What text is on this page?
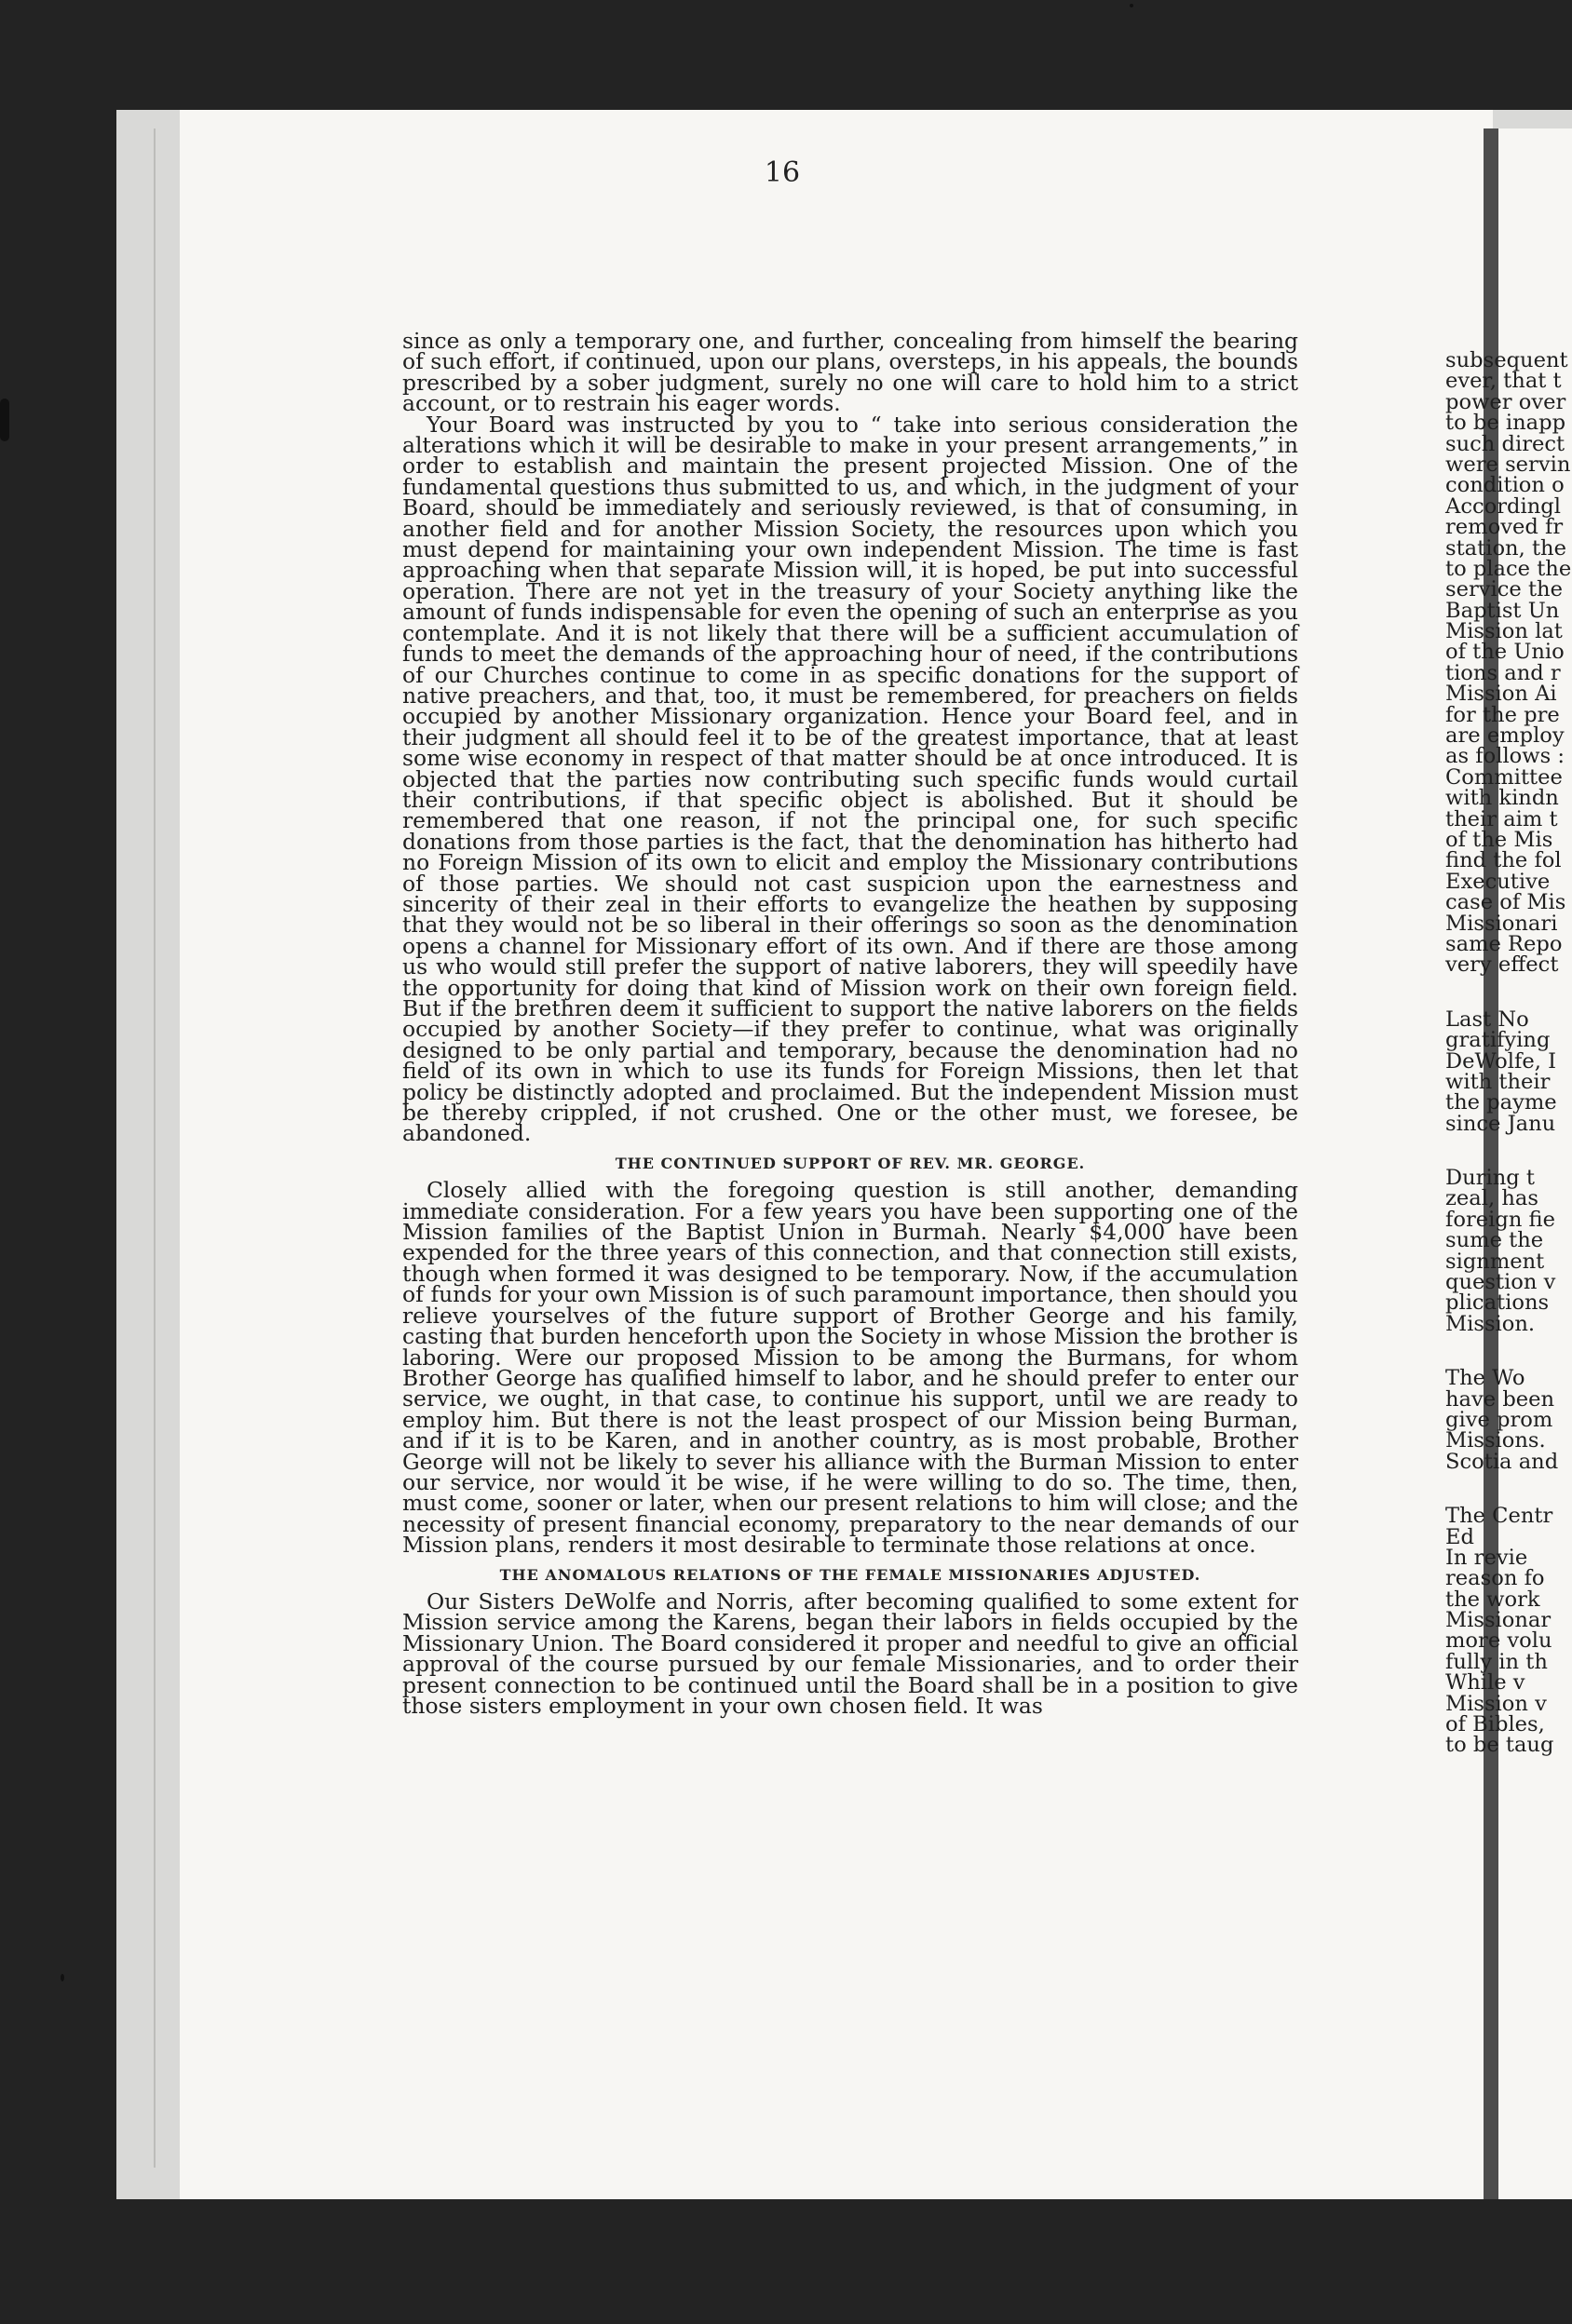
16

since as only a temporary one, and further, concealing from himself the bearing of such effort, if continued, upon our plans, oversteps, in his appeals, the bounds prescribed by a sober judgment, surely no one will care to hold him to a strict account, or to restrain his eager words.

Your Board was instructed by you to “ take into serious consideration the alterations which it will be desirable to make in your present arrangements,” in order to establish and maintain the present projected Mission. One of the fundamental questions thus submitted to us, and which, in the judgment of your Board, should be immediately and seriously reviewed, is that of consuming, in another field and for another Mission Society, the resources upon which you must depend for maintaining your own independent Mission. The time is fast approaching when that separate Mission will, it is hoped, be put into successful operation. There are not yet in the treasury of your Society anything like the amount of funds indispensable for even the opening of such an enterprise as you contemplate. And it is not likely that there will be a sufficient accumulation of funds to meet the demands of the approaching hour of need, if the contributions of our Churches continue to come in as specific donations for the support of native preachers, and that, too, it must be remembered, for preachers on fields occupied by another Missionary organization. Hence your Board feel, and in their judgment all should feel it to be of the greatest importance, that at least some wise economy in respect of that matter should be at once introduced. It is objected that the parties now contributing such specific funds would curtail their contributions, if that specific object is abolished. But it should be remembered that one reason, if not the principal one, for such specific donations from those parties is the fact, that the denomination has hitherto had no Foreign Mission of its own to elicit and employ the Missionary contributions of those parties. We should not cast suspicion upon the earnestness and sincerity of their zeal in their efforts to evangelize the heathen by supposing that they would not be so liberal in their offerings so soon as the denomination opens a channel for Missionary effort of its own. And if there are those among us who would still prefer the support of native laborers, they will speedily have the opportunity for doing that kind of Mission work on their own foreign field. But if the brethren deem it sufficient to support the native laborers on the fields occupied by another Society—if they prefer to continue, what was originally designed to be only partial and temporary, because the denomination had no field of its own in which to use its funds for Foreign Missions, then let that policy be distinctly adopted and proclaimed. But the independent Mission must be thereby crippled, if not crushed. One or the other must, we foresee, be abandoned.

THE CONTINUED SUPPORT OF REV. MR. GEORGE.

Closely allied with the foregoing question is still another, demanding immediate consideration. For a few years you have been supporting one of the Mission families of the Baptist Union in Burmah. Nearly $4,000 have been expended for the three years of this connection, and that connection still exists, though when formed it was designed to be temporary. Now, if the accumulation of funds for your own Mission is of such paramount importance, then should you relieve yourselves of the future support of Brother George and his family, casting that burden henceforth upon the Society in whose Mission the brother is laboring. Were our proposed Mission to be among the Burmans, for whom Brother George has qualified himself to labor, and he should prefer to enter our service, we ought, in that case, to continue his support, until we are ready to employ him. But there is not the least prospect of our Mission being Burman, and if it is to be Karen, and in another country, as is most probable, Brother George will not be likely to sever his alliance with the Burman Mission to enter our service, nor would it be wise, if he were willing to do so. The time, then, must come, sooner or later, when our present relations to him will close; and the necessity of present financial economy, preparatory to the near demands of our Mission plans, renders it most desirable to terminate those relations at once.

THE ANOMALOUS RELATIONS OF THE FEMALE MISSIONARIES ADJUSTED.

Our Sisters DeWolfe and Norris, after becoming qualified to some extent for Mission service among the Karens, began their labors in fields occupied by the Missionary Union. The Board considered it proper and needful to give an official approval of the course pursued by our female Missionaries, and to order their present connection to be continued until the Board shall be in a position to give those sisters employment in your own chosen field. It was

subsequent
ever, that t
power over
to be inapp
such direct
were servin
condition o
Accordingl
removed fr
station, the
to place the
service the
Baptist Un
Mission lat
of the Unio
tions and r
Mission Ai
for the pre
are employ
as follows :
Committee
with kindn
their aim t
of the Mis
find the fol
Executive
case of Mis
Missionari
same Repo
very effect
Last No
gratifying
DeWolfe, I
with their
the payme
since Janu
During t
zeal, has
foreign fie
sume the
signment
question v
plications
Mission.
The Wo
have been
give prom
Missions.
Scotia and
The Centr
Ed
In revie
reason fo
the work
Missionar
more volu
fully in th
While v
Mission v
of Bibles,
to be taug
